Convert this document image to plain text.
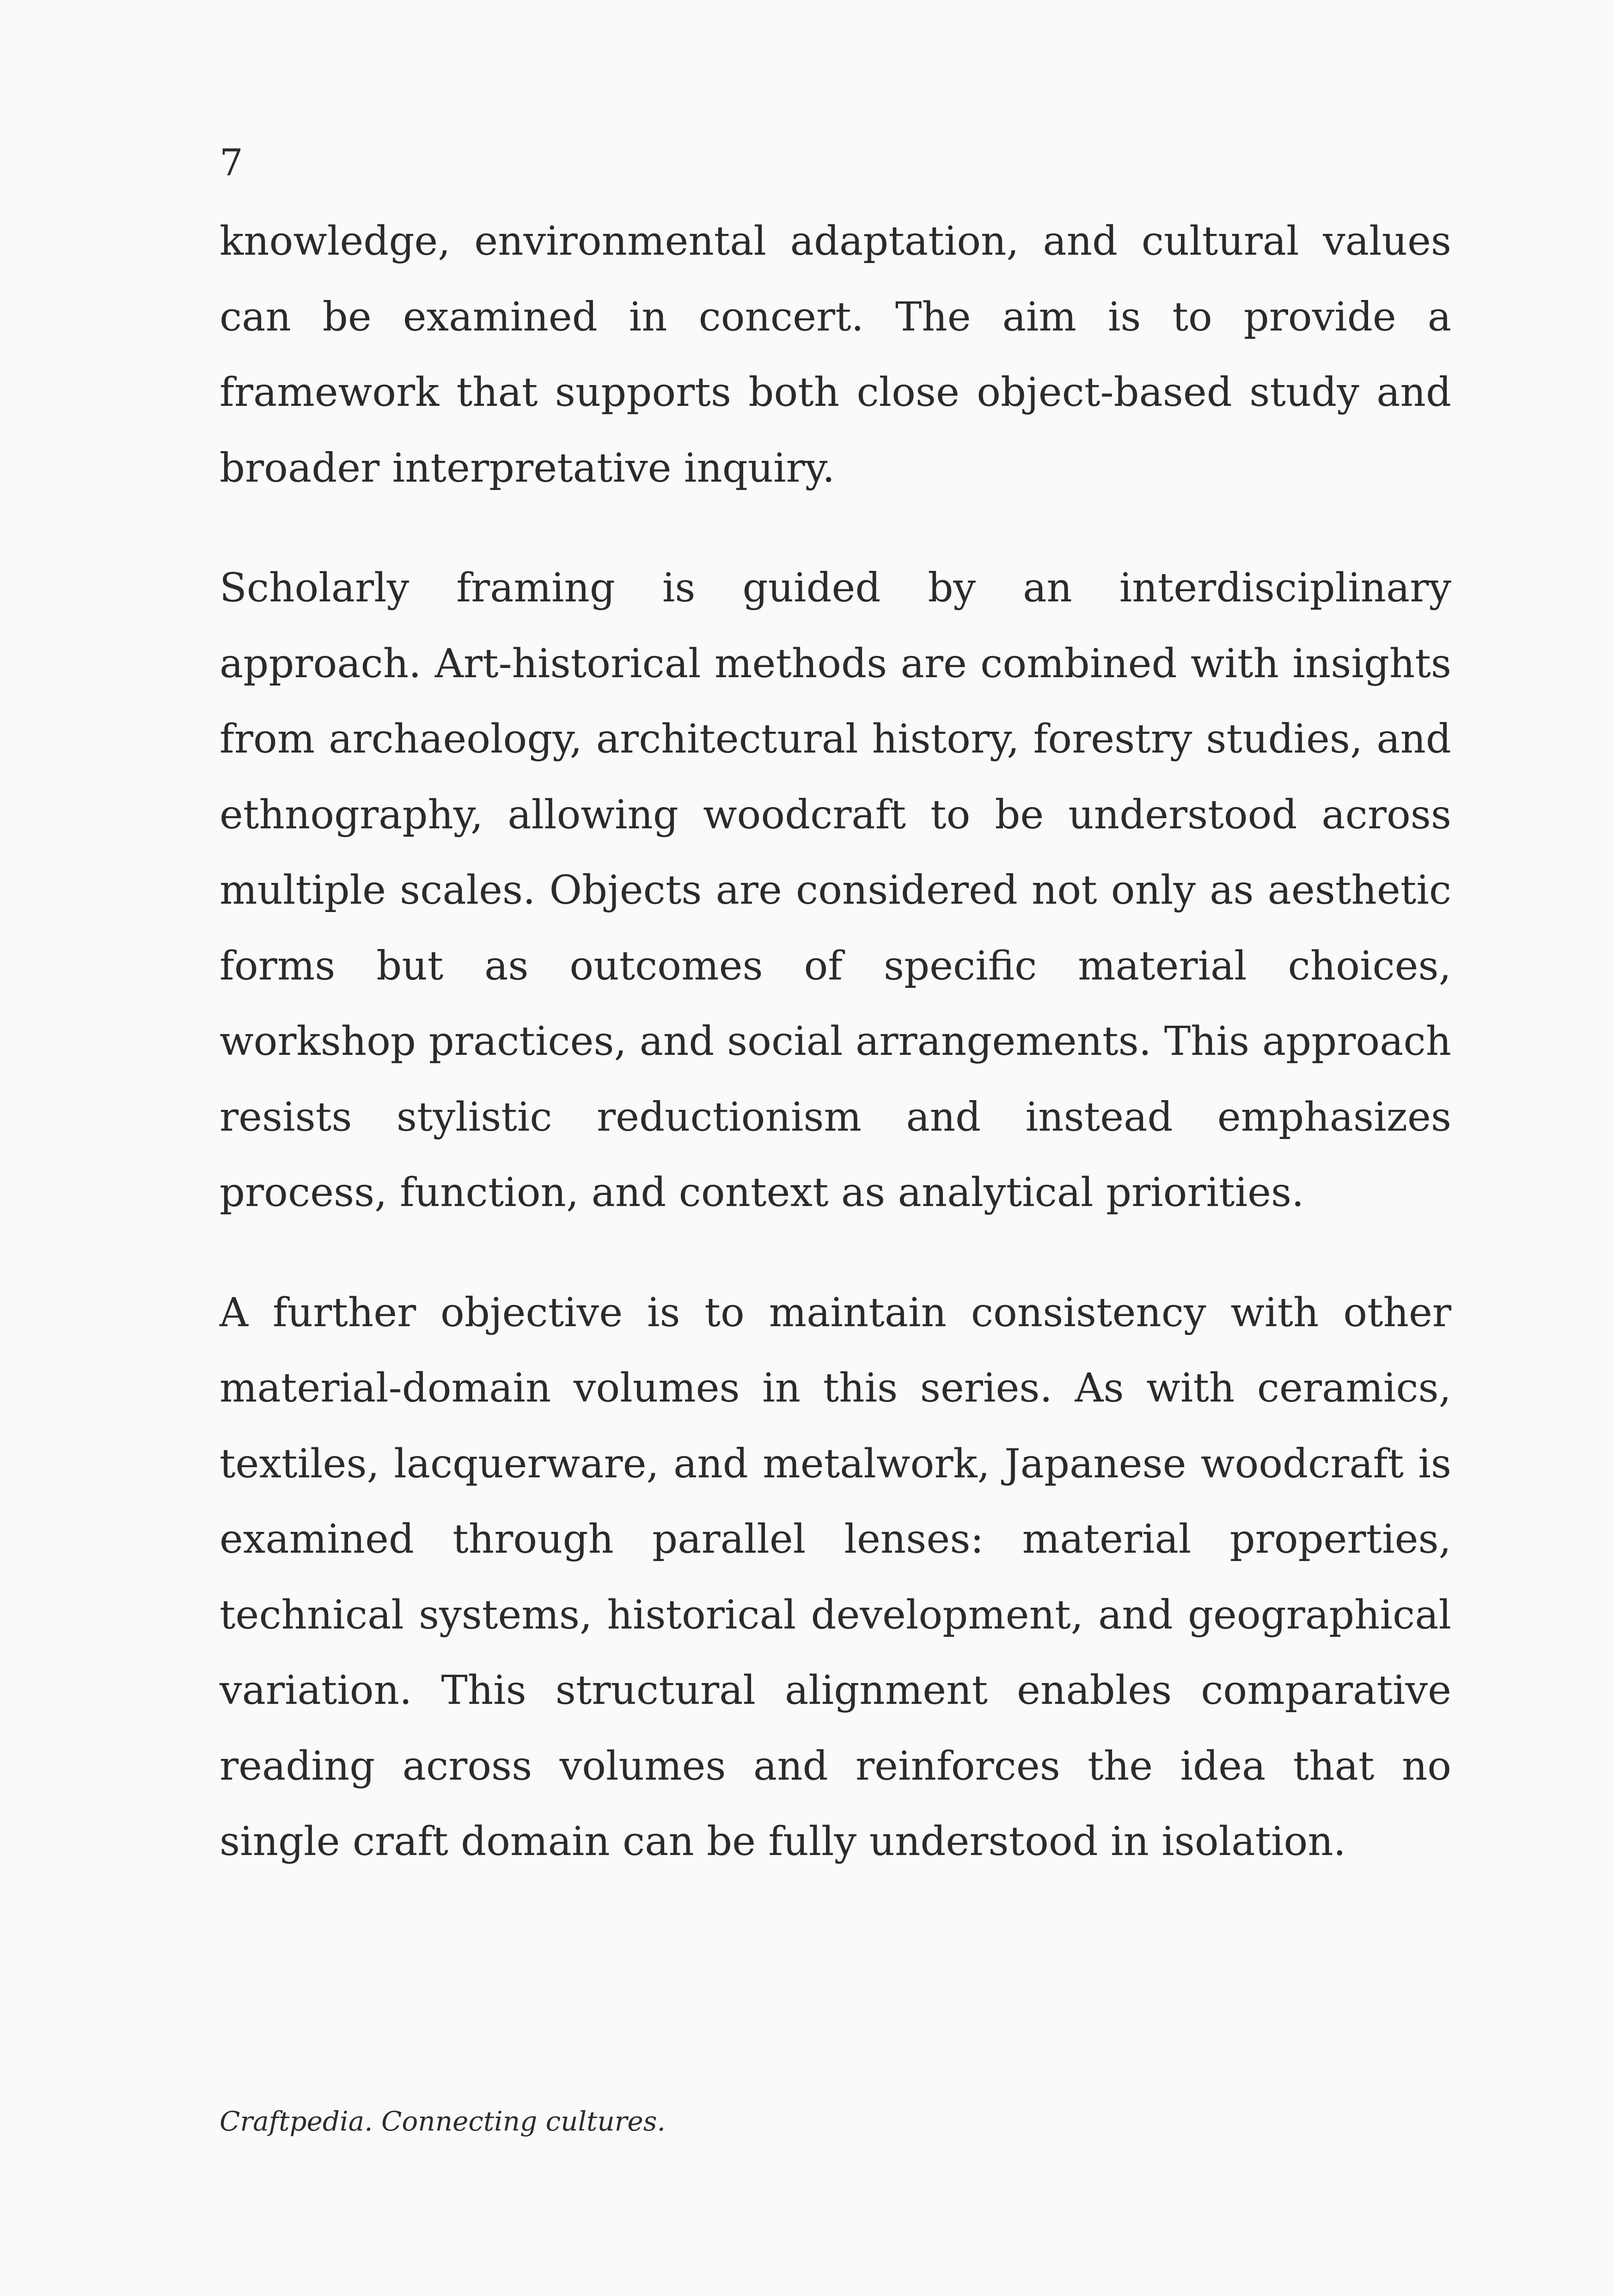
7

knowledge, environmental adaptation, and cultural values can be examined in concert. The aim is to provide a framework that supports both close object-based study and broader interpretative inquiry.

Scholarly framing is guided by an interdisciplinary approach. Art-historical methods are combined with insights from archaeology, architectural history, forestry studies, and ethnography, allowing woodcraft to be understood across multiple scales. Objects are considered not only as aesthetic forms but as outcomes of specific material choices, workshop practices, and social arrangements. This approach resists stylistic reductionism and instead emphasizes process, function, and context as analytical priorities.

A further objective is to maintain consistency with other material-domain volumes in this series. As with ceramics, textiles, lacquerware, and metalwork, Japanese woodcraft is examined through parallel lenses: material properties, technical systems, historical development, and geographical variation. This structural alignment enables comparative reading across volumes and reinforces the idea that no single craft domain can be fully understood in isolation.

Craftpedia. Connecting cultures.
